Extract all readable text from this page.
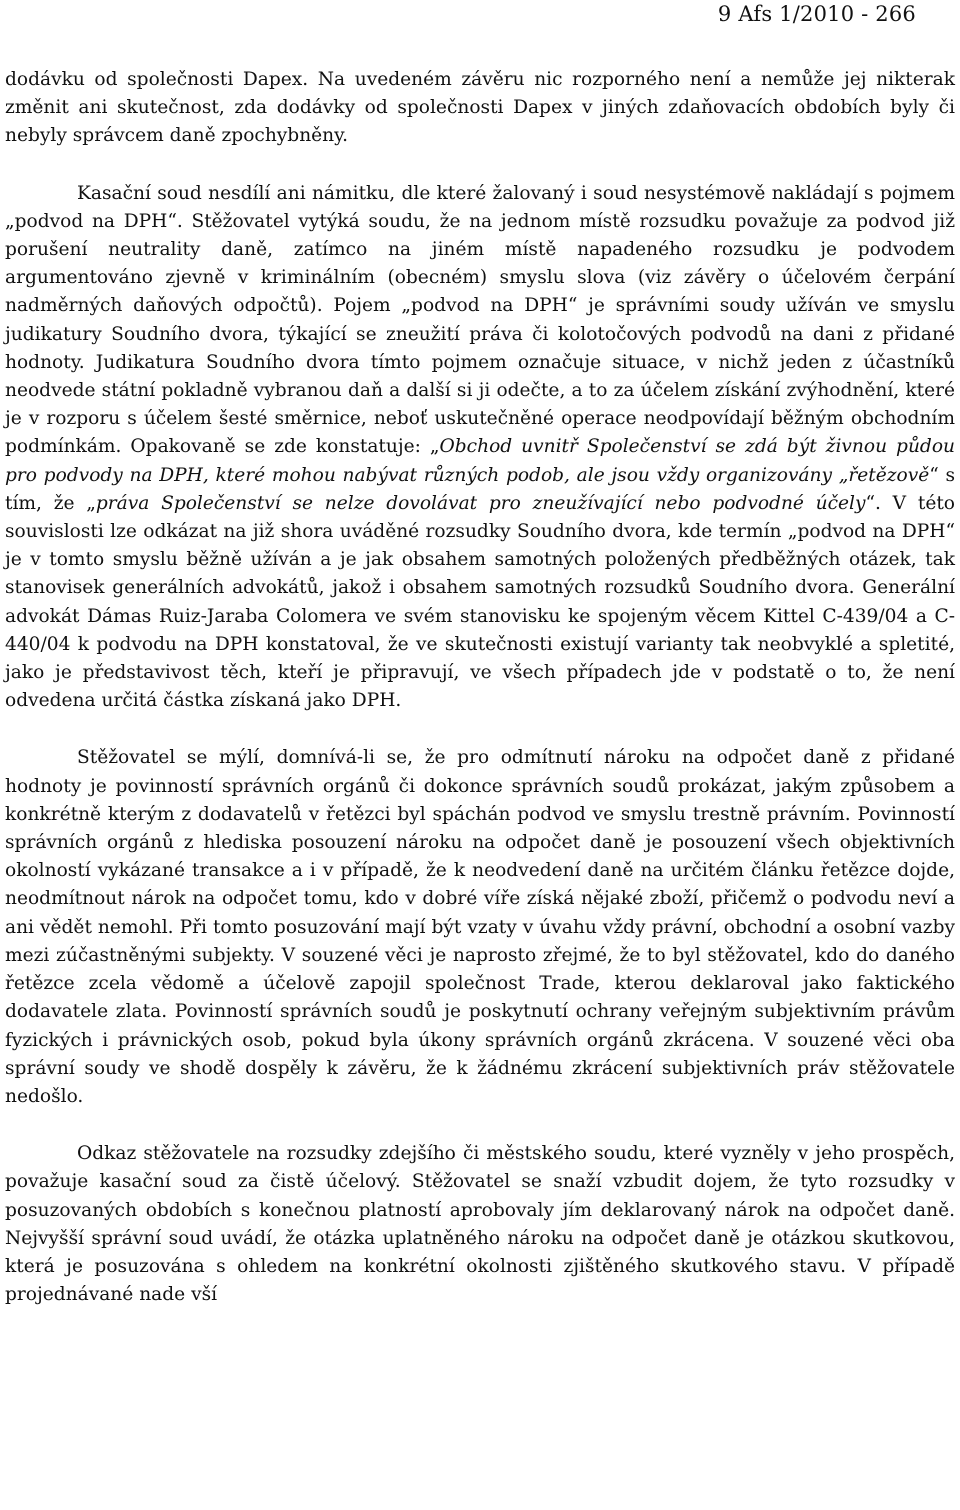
9 Afs 1/2010 - 266

dodávku od společnosti Dapex. Na uvedeném závěru nic rozporného není a nemůže jej nikterak změnit ani skutečnost, zda dodávky od společnosti Dapex v jiných zdaňovacích obdobích byly či nebyly správcem daně zpochybněny.

Kasační soud nesdílí ani námitku, dle které žalovaný i soud nesystémově nakládají s pojmem „podvod na DPH“. Stěžovatel vytýká soudu, že na jednom místě rozsudku považuje za podvod již porušení neutrality daně, zatímco na jiném místě napadeného rozsudku je podvodem argumentováno zjevně v kriminálním (obecném) smyslu slova (viz závěry o účelovém čerpání nadměrných daňových odpočtů). Pojem „podvod na DPH“ je správními soudy užíván ve smyslu judikatury Soudního dvora, týkající se zneužití práva či kolotočových podvodů na dani z přidané hodnoty. Judikatura Soudního dvora tímto pojmem označuje situace, v nichž jeden z účastníků neodvede státní pokladně vybranou daň a další si ji odečte, a to za účelem získání zvýhodnění, které je v rozporu s účelem šesté směrnice, neboť uskutečněné operace neodpovídají běžným obchodním podmínkám. Opakovaně se zde konstatuje: „Obchod uvnitř Společenství se zdá být živnou půdou pro podvody na DPH, které mohou nabývat různých podob, ale jsou vždy organizovány „řetězově“ s tím, že „práva Společenství se nelze dovolávat pro zneužívající nebo podvodné účely“. V této souvislosti lze odkázat na již shora uváděné rozsudky Soudního dvora, kde termín „podvod na DPH“ je v tomto smyslu běžně užíván a je jak obsahem samotných položených předběžných otázek, tak stanovisek generálních advokátů, jakož i obsahem samotných rozsudků Soudního dvora. Generální advokát Dámas Ruiz-Jaraba Colomera ve svém stanovisku ke spojeným věcem Kittel C-439/04 a C-440/04 k podvodu na DPH konstatoval, že ve skutečnosti existují varianty tak neobvyklé a spletité, jako je představivost těch, kteří je připravují, ve všech případech jde v podstatě o to, že není odvedena určitá částka získaná jako DPH.

Stěžovatel se mýlí, domnívá-li se, že pro odmítnutí nároku na odpočet daně z přidané hodnoty je povinností správních orgánů či dokonce správních soudů prokázat, jakým způsobem a konkrétně kterým z dodavatelů v řetězci byl spáchán podvod ve smyslu trestně právním. Povinností správních orgánů z hlediska posouzení nároku na odpočet daně je posouzení všech objektivních okolností vykázané transakce a i v případě, že k neodvedení daně na určitém článku řetězce dojde, neodmítnout nárok na odpočet tomu, kdo v dobré víře získá nějaké zboží, přičemž o podvodu neví a ani vědět nemohl. Při tomto posuzování mají být vzaty v úvahu vždy právní, obchodní a osobní vazby mezi zúčastněnými subjekty. V souzené věci je naprosto zřejmé, že to byl stěžovatel, kdo do daného řetězce zcela vědomě a účelově zapojil společnost Trade, kterou deklaroval jako faktického dodavatele zlata. Povinností správních soudů je poskytnutí ochrany veřejným subjektivním právům fyzických i právnických osob, pokud byla úkony správních orgánů zkrácena. V souzené věci oba správní soudy ve shodě dospěly k závěru, že k žádnému zkrácení subjektivních práv stěžovatele nedošlo.

Odkaz stěžovatele na rozsudky zdejšího či městského soudu, které vyzněly v jeho prospěch, považuje kasační soud za čistě účelový. Stěžovatel se snaží vzbudit dojem, že tyto rozsudky v posuzovaných obdobích s konečnou platností aprobovaly jím deklarovaný nárok na odpočet daně. Nejvyšší správní soud uvádí, že otázka uplatněného nároku na odpočet daně je otázkou skutkovou, která je posuzována s ohledem na konkrétní okolnosti zjištěného skutkového stavu. V případě projednávané nade vší
